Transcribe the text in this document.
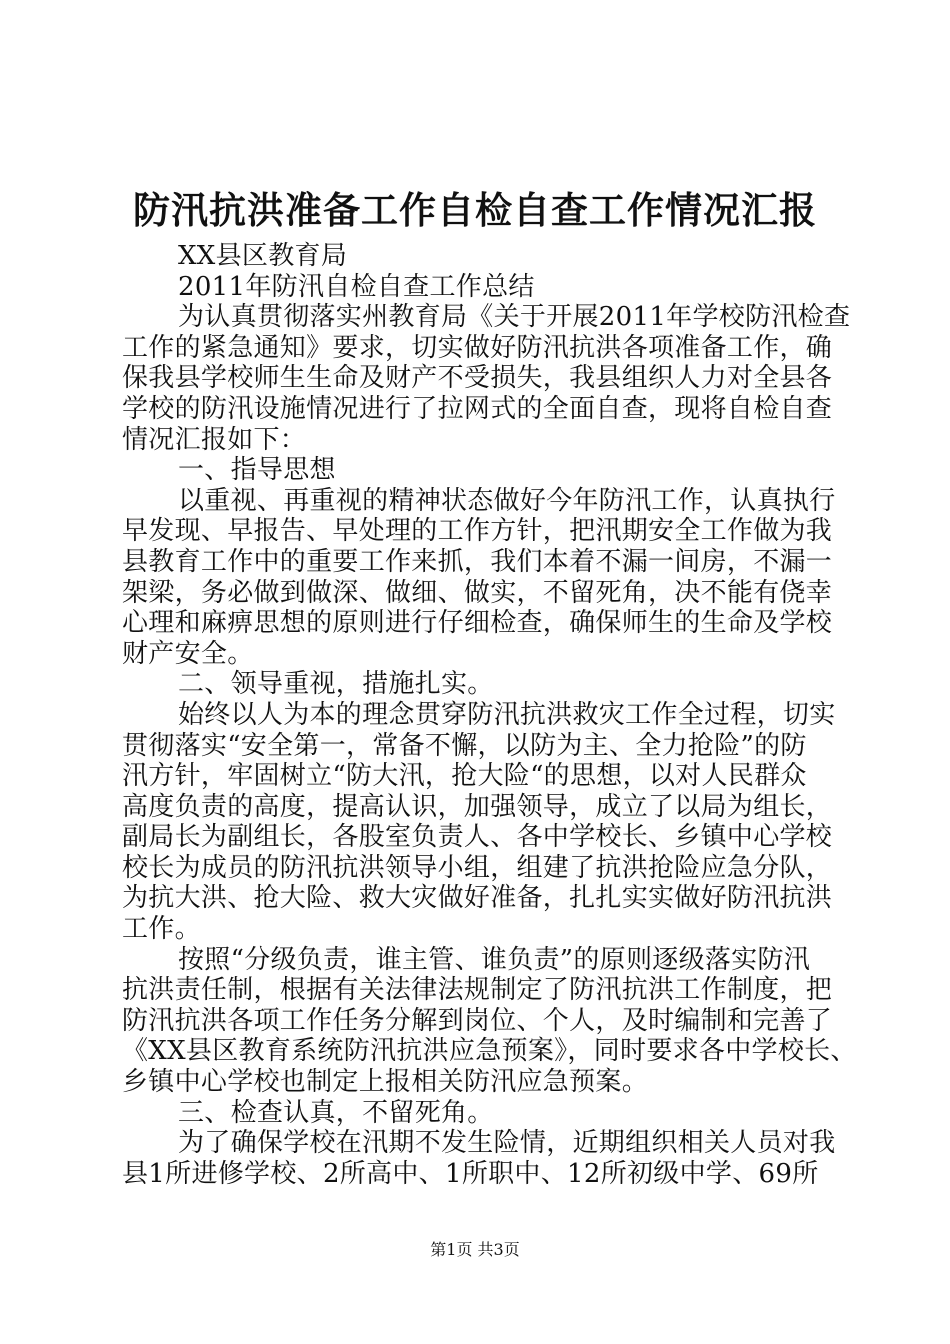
防汛抗洪准备工作自检自查工作情况汇报
XX县区教育局
2011年防汛自检自查工作总结
为认真贯彻落实州教育局《关于开展2011年学校防汛检查
工作的紧急通知》要求，切实做好防汛抗洪各项准备工作，确
保我县学校师生生命及财产不受损失，我县组织人力对全县各
学校的防汛设施情况进行了拉网式的全面自查，现将自检自查
情况汇报如下：
一、指导思想
以重视、再重视的精神状态做好今年防汛工作，认真执行
早发现、早报告、早处理的工作方针，把汛期安全工作做为我
县教育工作中的重要工作来抓，我们本着不漏一间房，不漏一
架梁，务必做到做深、做细、做实，不留死角，决不能有侥幸
心理和麻痹思想的原则进行仔细检查，确保师生的生命及学校
财产安全。
二、领导重视，措施扎实。
始终以人为本的理念贯穿防汛抗洪救灾工作全过程，切实
贯彻落实“安全第一，常备不懈，以防为主、全力抢险”的防
汛方针，牢固树立“防大汛，抢大险“的思想，以对人民群众
高度负责的高度，提高认识，加强领导，成立了以局为组长，
副局长为副组长，各股室负责人、各中学校长、乡镇中心学校
校长为成员的防汛抗洪领导小组，组建了抗洪抢险应急分队，
为抗大洪、抢大险、救大灾做好准备，扎扎实实做好防汛抗洪
工作。
按照“分级负责，谁主管、谁负责”的原则逐级落实防汛
抗洪责任制，根据有关法律法规制定了防汛抗洪工作制度，把
防汛抗洪各项工作任务分解到岗位、个人，及时编制和完善了
《XX县区教育系统防汛抗洪应急预案》，同时要求各中学校长、
乡镇中心学校也制定上报相关防汛应急预案。
三、检查认真，不留死角。
为了确保学校在汛期不发生险情，近期组织相关人员对我
县1所进修学校、2所高中、1所职中、12所初级中学、69所
第1页 共3页
